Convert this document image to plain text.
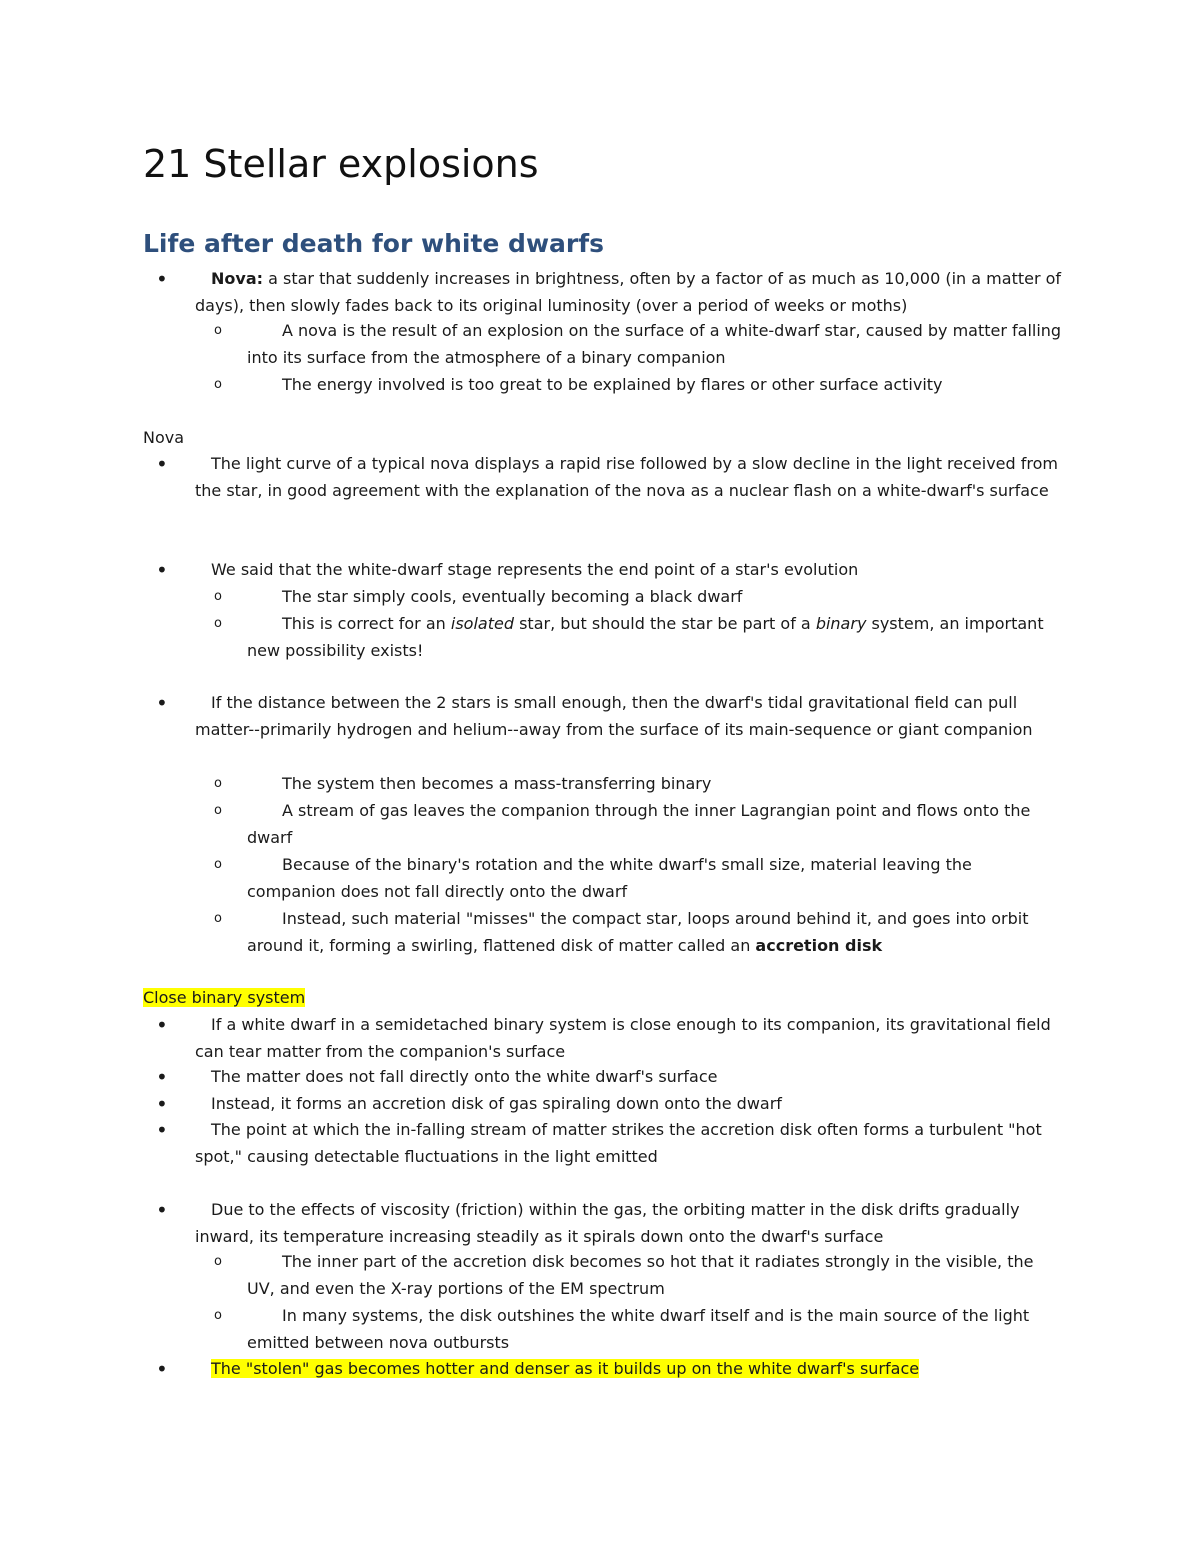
21 Stellar explosions
Life after death for white dwarfs
•	Nova: a star that suddenly increases in brightness, often by a factor of as much as 10,000 (in a matter of days), then slowly fades back to its original luminosity (over a period of weeks or moths)
o	A nova is the result of an explosion on the surface of a white-dwarf star, caused by matter falling into its surface from the atmosphere of a binary companion
o	The energy involved is too great to be explained by flares or other surface activity
Nova
•	The light curve of a typical nova displays a rapid rise followed by a slow decline in the light received from the star, in good agreement with the explanation of the nova as a nuclear flash on a white-dwarf's surface
•	We said that the white-dwarf stage represents the end point of a star's evolution
o	The star simply cools, eventually becoming a black dwarf
o	This is correct for an isolated star, but should the star be part of a binary system, an important new possibility exists!
•	If the distance between the 2 stars is small enough, then the dwarf's tidal gravitational field can pull matter--primarily hydrogen and helium--away from the surface of its main-sequence or giant companion
o	The system then becomes a mass-transferring binary
o	A stream of gas leaves the companion through the inner Lagrangian point and flows onto the dwarf
o	Because of the binary's rotation and the white dwarf's small size, material leaving the companion does not fall directly onto the dwarf
o	Instead, such material "misses" the compact star, loops around behind it, and goes into orbit around it, forming a swirling, flattened disk of matter called an accretion disk
Close binary system
•	If a white dwarf in a semidetached binary system is close enough to its companion, its gravitational field can tear matter from the companion's surface
•	The matter does not fall directly onto the white dwarf's surface
•	Instead, it forms an accretion disk of gas spiraling down onto the dwarf
•	The point at which the in-falling stream of matter strikes the accretion disk often forms a turbulent "hot spot," causing detectable fluctuations in the light emitted
•	Due to the effects of viscosity (friction) within the gas, the orbiting matter in the disk drifts gradually inward, its temperature increasing steadily as it spirals down onto the dwarf's surface
o	The inner part of the accretion disk becomes so hot that it radiates strongly in the visible, the UV, and even the X-ray portions of the EM spectrum
o	In many systems, the disk outshines the white dwarf itself and is the main source of the light emitted between nova outbursts
•	The "stolen" gas becomes hotter and denser as it builds up on the white dwarf's surface
